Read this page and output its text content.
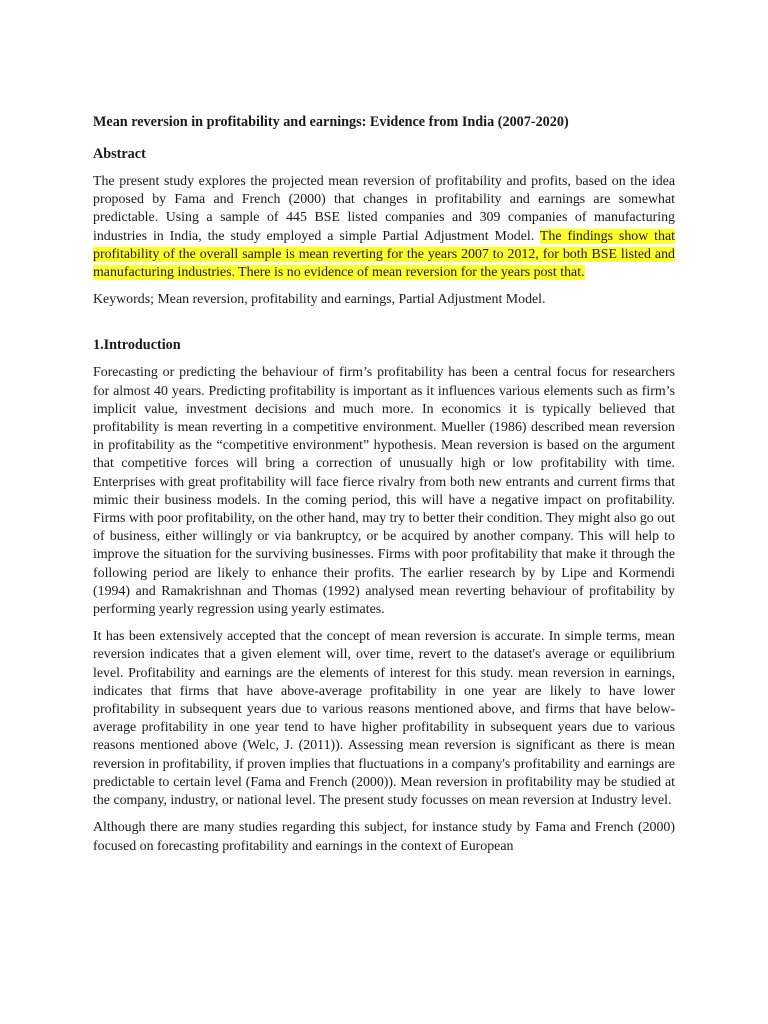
Mean reversion in profitability and earnings: Evidence from India (2007-2020)
Abstract

The present study explores the projected mean reversion of profitability and profits, based on the idea proposed by Fama and French (2000) that changes in profitability and earnings are somewhat predictable. Using a sample of 445 BSE listed companies and 309 companies of manufacturing industries in India, the study employed a simple Partial Adjustment Model. The findings show that profitability of the overall sample is mean reverting for the years 2007 to 2012, for both BSE listed and manufacturing industries. There is no evidence of mean reversion for the years post that.

Keywords; Mean reversion, profitability and earnings, Partial Adjustment Model.

1.Introduction

Forecasting or predicting the behaviour of firm’s profitability has been a central focus for researchers for almost 40 years. Predicting profitability is important as it influences various elements such as firm’s implicit value, investment decisions and much more. In economics it is typically believed that profitability is mean reverting in a competitive environment. Mueller (1986) described mean reversion in profitability as the “competitive environment” hypothesis. Mean reversion is based on the argument that competitive forces will bring a correction of unusually high or low profitability with time. Enterprises with great profitability will face fierce rivalry from both new entrants and current firms that mimic their business models. In the coming period, this will have a negative impact on profitability. Firms with poor profitability, on the other hand, may try to better their condition. They might also go out of business, either willingly or via bankruptcy, or be acquired by another company. This will help to improve the situation for the surviving businesses. Firms with poor profitability that make it through the following period are likely to enhance their profits. The earlier research by by Lipe and Kormendi (1994) and Ramakrishnan and Thomas (1992) analysed mean reverting behaviour of profitability by performing yearly regression using yearly estimates.

It has been extensively accepted that the concept of mean reversion is accurate. In simple terms, mean reversion indicates that a given element will, over time, revert to the dataset's average or equilibrium level. Profitability and earnings are the elements of interest for this study. mean reversion in earnings, indicates that firms that have above-average profitability in one year are likely to have lower profitability in subsequent years due to various reasons mentioned above, and firms that have below-average profitability in one year tend to have higher profitability in subsequent years due to various reasons mentioned above (Welc, J. (2011)). Assessing mean reversion is significant as there is mean reversion in profitability, if proven implies that fluctuations in a company's profitability and earnings are predictable to certain level (Fama and French (2000)). Mean reversion in profitability may be studied at the company, industry, or national level. The present study focusses on mean reversion at Industry level.

Although there are many studies regarding this subject, for instance study by Fama and French (2000) focused on forecasting profitability and earnings in the context of European
